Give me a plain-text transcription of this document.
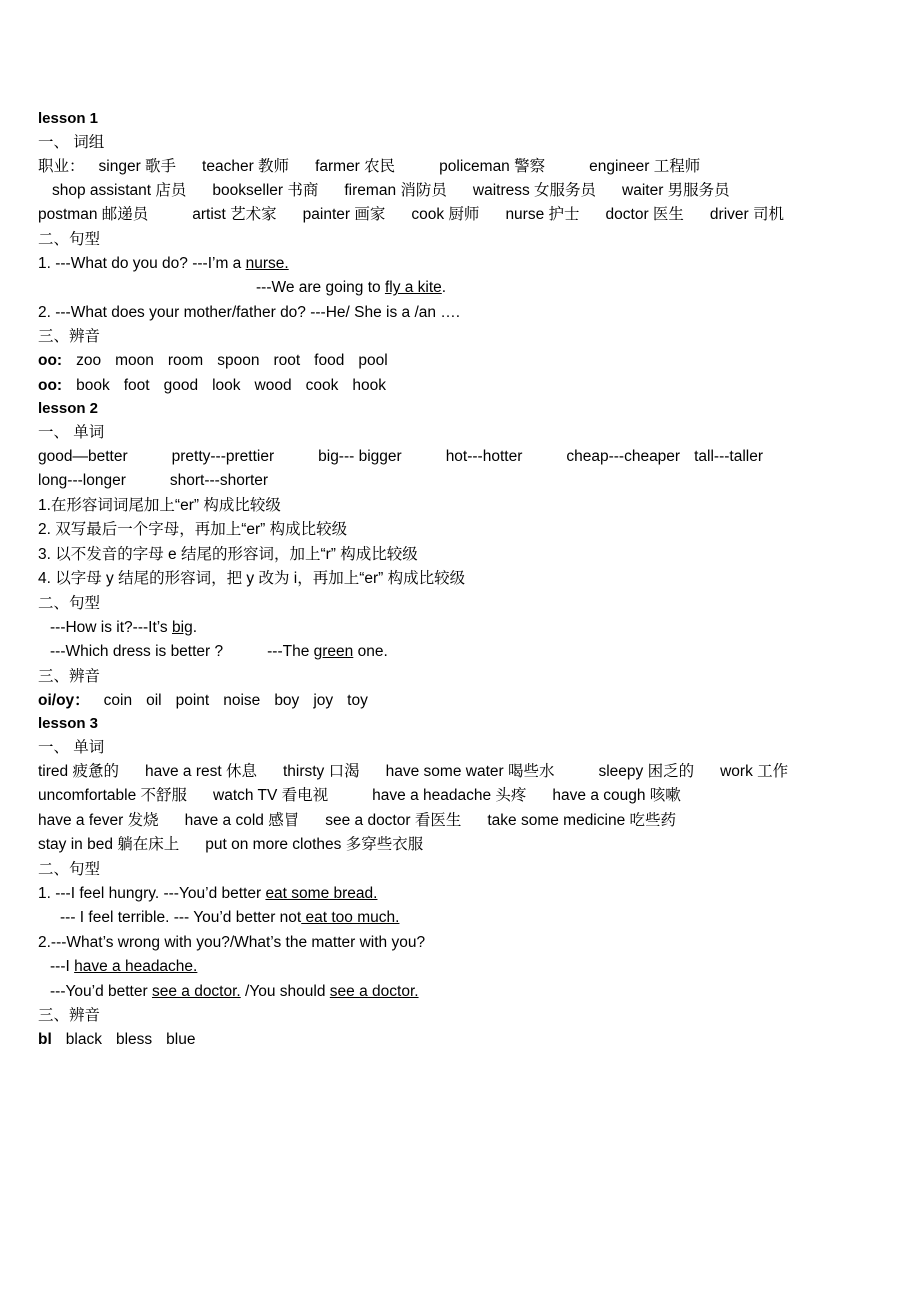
lesson 1

一、 词组

职业： singer 歌手 teacher 教师 farmer 农民	policeman 警察	engineer 工程师

shop assistant 店员 bookseller 书商 fireman 消防员 waitress 女服务员 waiter 男服务员

postman 邮递员	artist 艺术家 painter 画家 cook 厨师 nurse 护士 doctor 医生 driver 司机

二、句型

1. ---What do you do? ---I’m a nurse.

---We are going to fly a kite.

2. ---What does your mother/father do? ---He/ She is a /an ….

三、辨音

oo: zoo moon room spoon root food pool

oo: book foot good look wood cook hook

lesson 2

一、 单词

good—better	pretty---prettier	big--- bigger	hot---hotter	cheap---cheaper tall---taller

long---longer	short---shorter

1.在形容词词尾加上“er” 构成比较级

2. 双写最后一个字母，再加上“er” 构成比较级

3. 以不发音的字母 e 结尾的形容词，加上“r” 构成比较级

4. 以字母 y 结尾的形容词，把 y 改为 i，再加上“er” 构成比较级

二、句型

---How is it?---It’s big.

---Which dress is better ?	---The green one.

三、辨音

oi/oy： coin oil point noise boy joy toy

lesson 3

一、 单词

tired 疲惫的 have a rest 休息 thirsty 口渴 have some water 喝些水	sleepy 困乏的 work 工作

uncomfortable 不舒服 watch TV 看电视	have a headache 头疼 have a cough 咳嗽

have a fever 发烧 have a cold 感冒 see a doctor 看医生 take some medicine 吃些药

stay in bed 躺在床上 put on more clothes 多穿些衣服

二、句型

1. ---I feel hungry. ---You’d better eat some bread.

--- I feel terrible. --- You’d better not eat too much.

2.---What’s wrong with you?/What’s the matter with you?

---I have a headache.

---You’d better see a doctor. /You should see a doctor.

三、辨音

bl black bless blue
